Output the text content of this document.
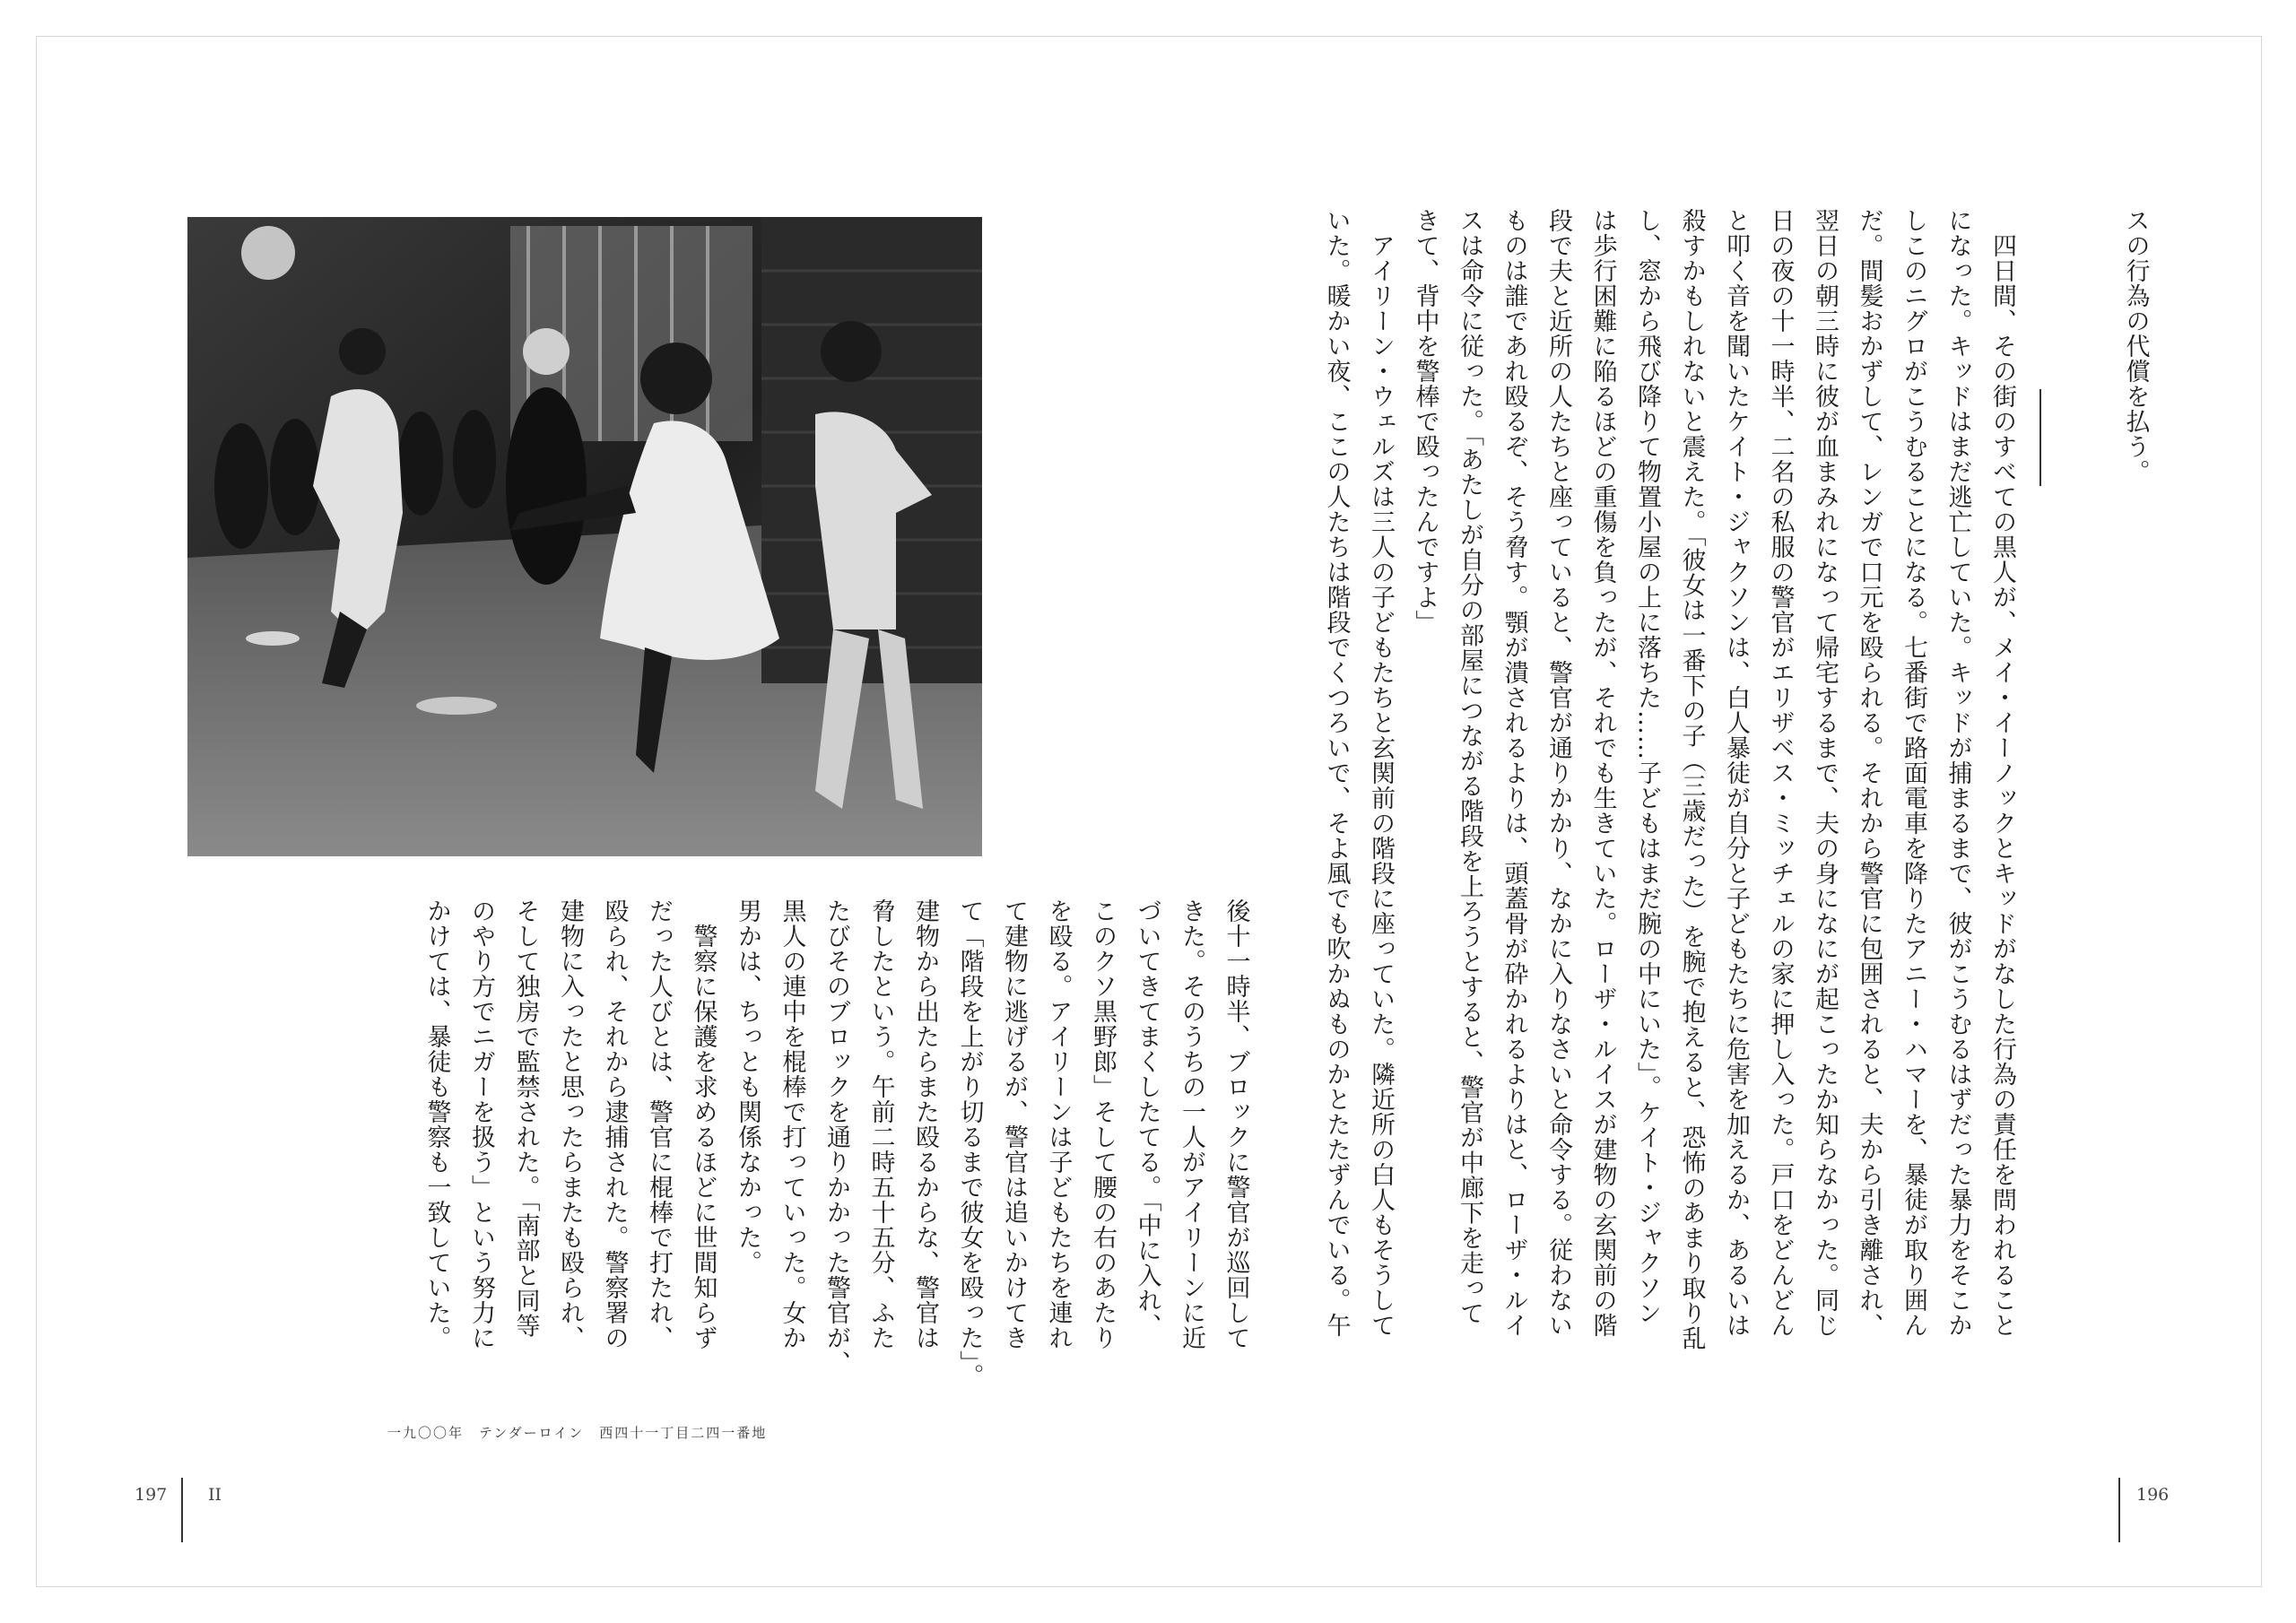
スの行為の代償を払う。

　四日間、その街のすべての黒人が、メイ・イーノックとキッドがなした行為の責任を問われること
になった。キッドはまだ逃亡していた。キッドが捕まるまで、彼がこうむるはずだった暴力をそこか
しこのニグロがこうむることになる。七番街で路面電車を降りたアニー・ハマーを、暴徒が取り囲ん
だ。間髪おかずして、レンガで口元を殴られる。それから警官に包囲されると、夫から引き離され、
翌日の朝三時に彼が血まみれになって帰宅するまで、夫の身になにが起こったか知らなかった。同じ
日の夜の十一時半、二名の私服の警官がエリザベス・ミッチェルの家に押し入った。戸口をどんどん
と叩く音を聞いたケイト・ジャクソンは、白人暴徒が自分と子どもたちに危害を加えるか、あるいは
殺すかもしれないと震えた。「彼女は一番下の子（三歳だった）を腕で抱えると、恐怖のあまり取り乱
し、窓から飛び降りて物置小屋の上に落ちた……子どもはまだ腕の中にいた」。ケイト・ジャクソン
は歩行困難に陥るほどの重傷を負ったが、それでも生きていた。ローザ・ルイスが建物の玄関前の階
段で夫と近所の人たちと座っていると、警官が通りかかり、なかに入りなさいと命令する。従わない
ものは誰であれ殴るぞ、そう脅す。顎が潰されるよりは、頭蓋骨が砕かれるよりはと、ローザ・ルイ
スは命令に従った。「あたしが自分の部屋につながる階段を上ろうとすると、警官が中廊下を走って
きて、背中を警棒で殴ったんですよ」
　アイリーン・ウェルズは三人の子どもたちと玄関前の階段に座っていた。隣近所の白人もそうして
いた。暖かい夜、ここの人たちは階段でくつろいで、そよ風でも吹かぬものかとたたずんでいる。午
後十一時半、ブロックに警官が巡回して
きた。そのうちの一人がアイリーンに近
づいてきてまくしたてる。「中に入れ、
このクソ黒野郎」そして腰の右のあたり
を殴る。アイリーンは子どもたちを連れ
て建物に逃げるが、警官は追いかけてき
て「階段を上がり切るまで彼女を殴った」。
建物から出たらまた殴るからな、警官は
脅したという。午前二時五十五分、ふた
たびそのブロックを通りかかった警官が、
黒人の連中を棍棒で打っていった。女か
男かは、ちっとも関係なかった。
　警察に保護を求めるほどに世間知らず
だった人びとは、警官に棍棒で打たれ、
殴られ、それから逮捕された。警察署の
建物に入ったと思ったらまたも殴られ、
そして独房で監禁された。「南部と同等
のやり方でニガーを扱う」という努力に
かけては、暴徒も警察も一致していた。
一九〇〇年　テンダーロイン　西四十一丁目二四一番地
197 II	196
